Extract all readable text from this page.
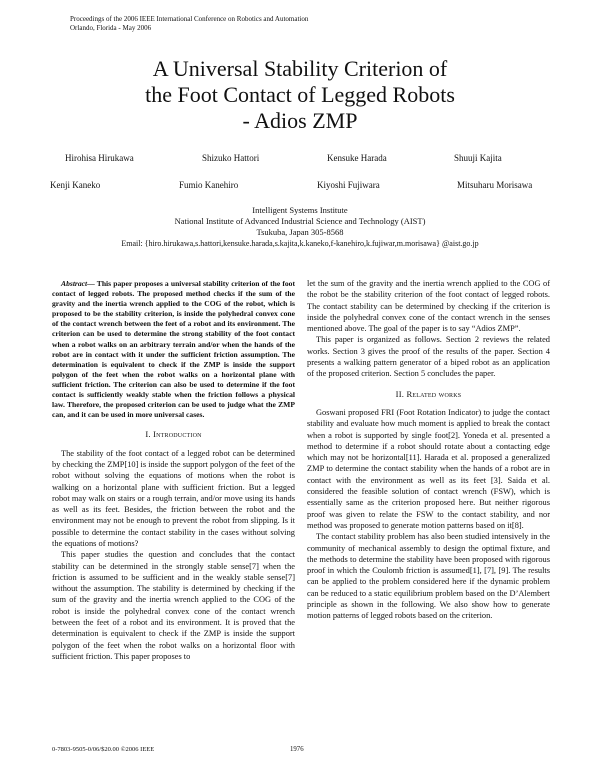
Proceedings of the 2006 IEEE International Conference on Robotics and Automation
Orlando, Florida - May 2006
A Universal Stability Criterion of
the Foot Contact of Legged Robots
- Adios ZMP
Hirohisa Hirukawa	Shizuko Hattori	Kensuke Harada	Shuuji Kajita
Kenji Kaneko	Fumio Kanehiro	Kiyoshi Fujiwara	Mitsuharu Morisawa
Intelligent Systems Institute
National Institute of Advanced Industrial Science and Technology (AIST)
Tsukuba, Japan 305-8568
Email: {hiro.hirukawa,s.hattori,kensuke.harada,s.kajita,k.kaneko,f-kanehiro,k.fujiwar,m.morisawa} @aist.go.jp

Abstract— This paper proposes a universal stability criterion of the foot contact of legged robots. The proposed method checks if the sum of the gravity and the inertia wrench applied to the COG of the robot, which is proposed to be the stability criterion, is inside the polyhedral convex cone of the contact wrench between the feet of a robot and its environment. The criterion can be used to determine the strong stability of the foot contact when a robot walks on an arbitrary terrain and/or when the hands of the robot are in contact with it under the sufficient friction assumption. The determination is equivalent to check if the ZMP is inside the support polygon of the feet when the robot walks on a horizontal plane with sufficient friction. The criterion can also be used to determine if the foot contact is sufficiently weakly stable when the friction follows a physical law. Therefore, the proposed criterion can be used to judge what the ZMP can, and it can be used in more universal cases.

I. Introduction

The stability of the foot contact of a legged robot can be determined by checking the ZMP[10] is inside the support polygon of the feet of the robot without solving the equations of motions when the robot is walking on a horizontal plane with sufficient friction. But a legged robot may walk on stairs or a rough terrain, and/or move using its hands as well as its feet. Besides, the friction between the robot and the environment may not be enough to prevent the robot from slipping. Is it possible to determine the contact stability in the cases without solving the equations of motions?

This paper studies the question and concludes that the contact stability can be determined in the strongly stable sense[7] when the friction is assumed to be sufficient and in the weakly stable sense[7] without the assumption. The stability is determined by checking if the sum of the gravity and the inertia wrench applied to the COG of the robot is inside the polyhedral convex cone of the contact wrench between the feet of a robot and its environment. It is proved that the determination is equivalent to check if the ZMP is inside the support polygon of the feet when the robot walks on a horizontal floor with sufficient friction. This paper proposes to

let the sum of the gravity and the inertia wrench applied to the COG of the robot be the stability criterion of the foot contact of legged robots. The contact stability can be determined by checking if the criterion is inside the polyhedral convex cone of the contact wrench in the senses mentioned above. The goal of the paper is to say “Adios ZMP”.

This paper is organized as follows. Section 2 reviews the related works. Section 3 gives the proof of the results of the paper. Section 4 presents a walking pattern generator of a biped robot as an application of the proposed criterion. Section 5 concludes the paper.

II. Related works

Goswani proposed FRI (Foot Rotation Indicator) to judge the contact stability and evaluate how much moment is applied to break the contact when a robot is supported by single foot[2]. Yoneda et al. presented a method to determine if a robot should rotate about a contacting edge which may not be horizontal[11]. Harada et al. proposed a generalized ZMP to determine the contact stability when the hands of a robot are in contact with the environment as well as its feet [3]. Saida et al. considered the feasible solution of contact wrench (FSW), which is essentially same as the criterion proposed here. But neither rigorous proof was given to relate the FSW to the contact stability, and nor method was proposed to generate motion patterns based on it[8].

The contact stability problem has also been studied intensively in the community of mechanical assembly to design the optimal fixture, and the methods to determine the stability have been proposed with rigorous proof in which the Coulomb friction is assumed[1], [7], [9]. The results can be applied to the problem considered here if the dynamic problem can be reduced to a static equilibrium problem based on the D’Alembert principle as shown in the following. We also show how to generate motion patterns of legged robots based on the criterion.

0-7803-9505-0/06/$20.00 ©2006 IEEE	1976
